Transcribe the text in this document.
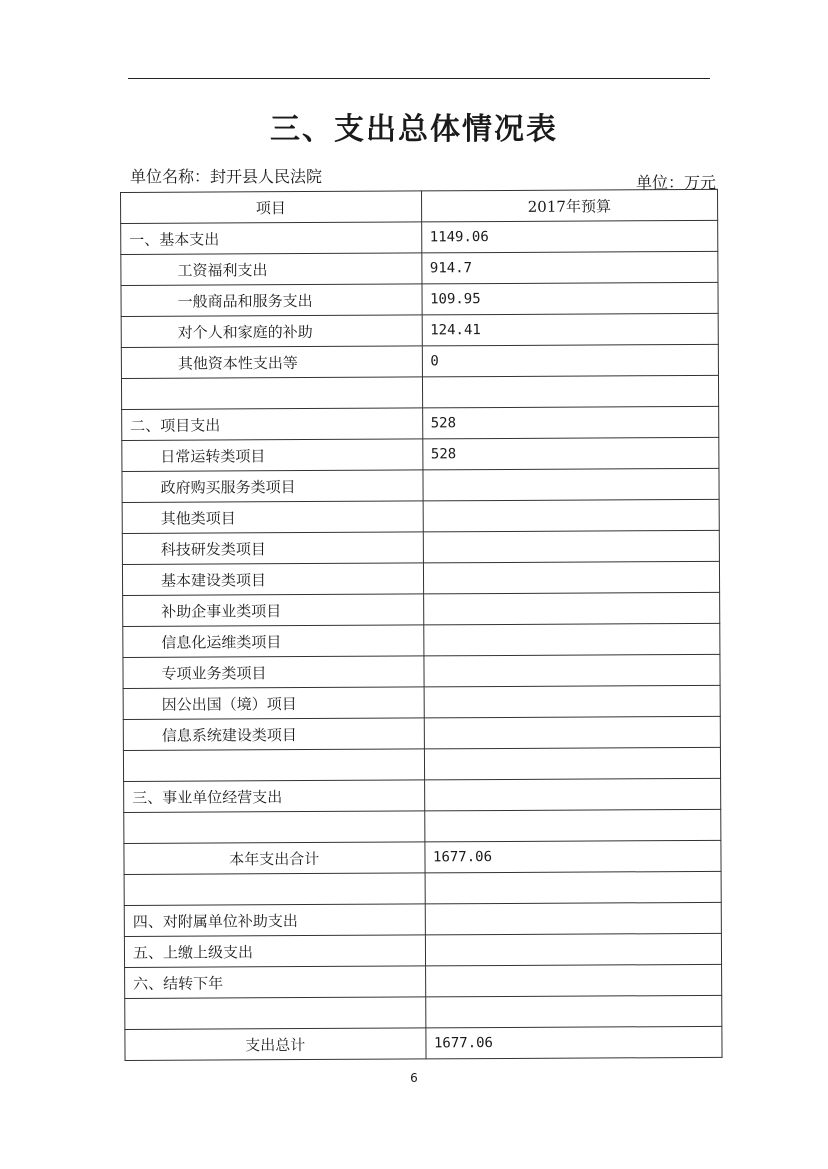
三、支出总体情况表
单位名称：封开县人民法院	单位：万元
项目	2017年预算
一、基本支出	1149.06
工资福利支出	914.7
一般商品和服务支出	109.95
对个人和家庭的补助	124.41
其他资本性支出等	0

二、项目支出	528
日常运转类项目	528
政府购买服务类项目	
其他类项目	
科技研发类项目	
基本建设类项目	
补助企事业类项目	
信息化运维类项目	
专项业务类项目	
因公出国（境）项目	
信息系统建设类项目	

三、事业单位经营支出	

本年支出合计	1677.06

四、对附属单位补助支出	
五、上缴上级支出	
六、结转下年	

支出总计	1677.06
6
